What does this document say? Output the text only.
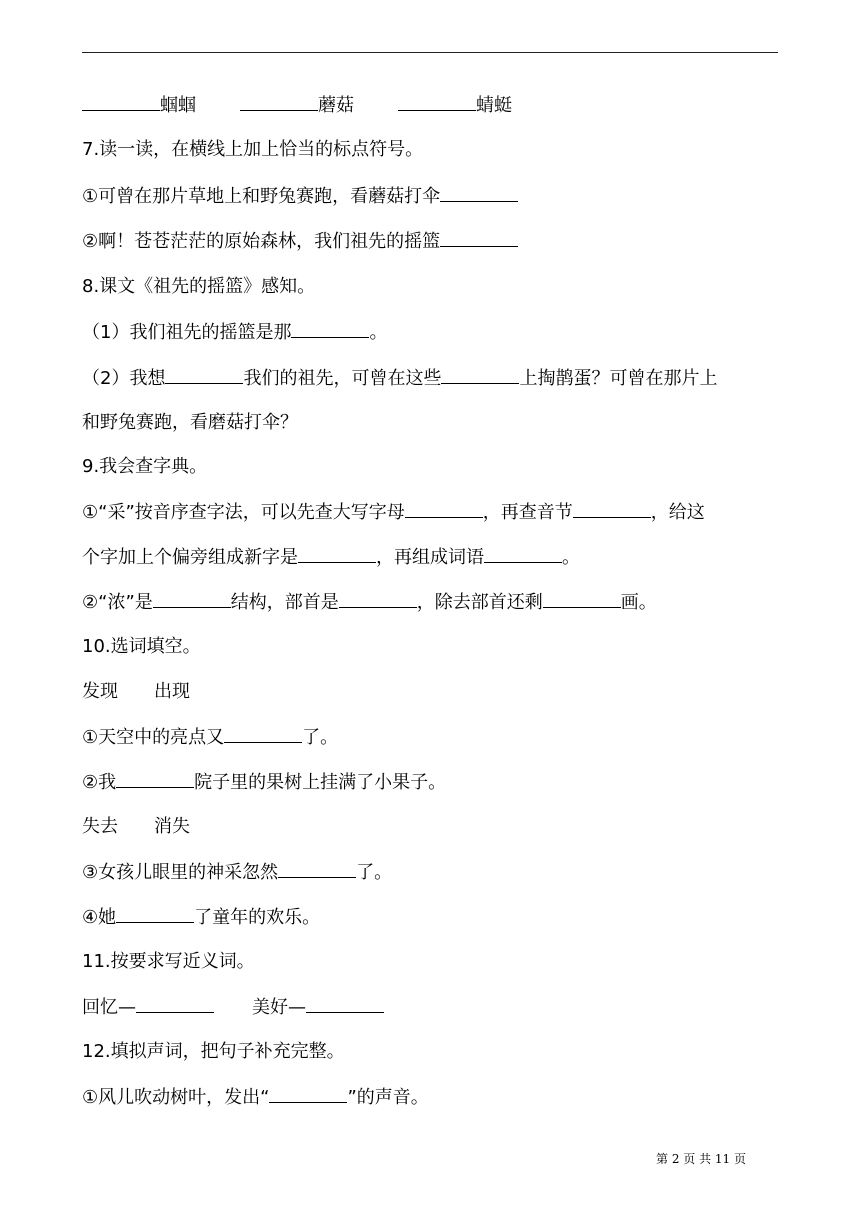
蝈蝈	蘑菇	蜻蜓
7.读一读，在横线上加上恰当的标点符号。
①可曾在那片草地上和野兔赛跑，看蘑菇打伞
②啊！苍苍茫茫的原始森林，我们祖先的摇篮
8.课文《祖先的摇篮》感知。
（1）我们祖先的摇篮是那	。
（2）我想	我们的祖先，可曾在这些	上掏鹊蛋？可曾在那片上
和野兔赛跑，看磨菇打伞？
9.我会查字典。
①“采”按音序查字法，可以先查大写字母	，再查音节	，给这
个字加上个偏旁组成新字是	，再组成词语	。
②“浓”是	结构，部首是	，除去部首还剩	画。
10.选词填空。
发现　　出现
①天空中的亮点又	了。
②我	院子里的果树上挂满了小果子。
失去　　消失
③女孩儿眼里的神采忽然	了。
④她	了童年的欢乐。
11.按要求写近义词。
回忆—	美好—
12.填拟声词，把句子补充完整。
①风儿吹动树叶，发出“	”的声音。
第 2 页 共 11 页
